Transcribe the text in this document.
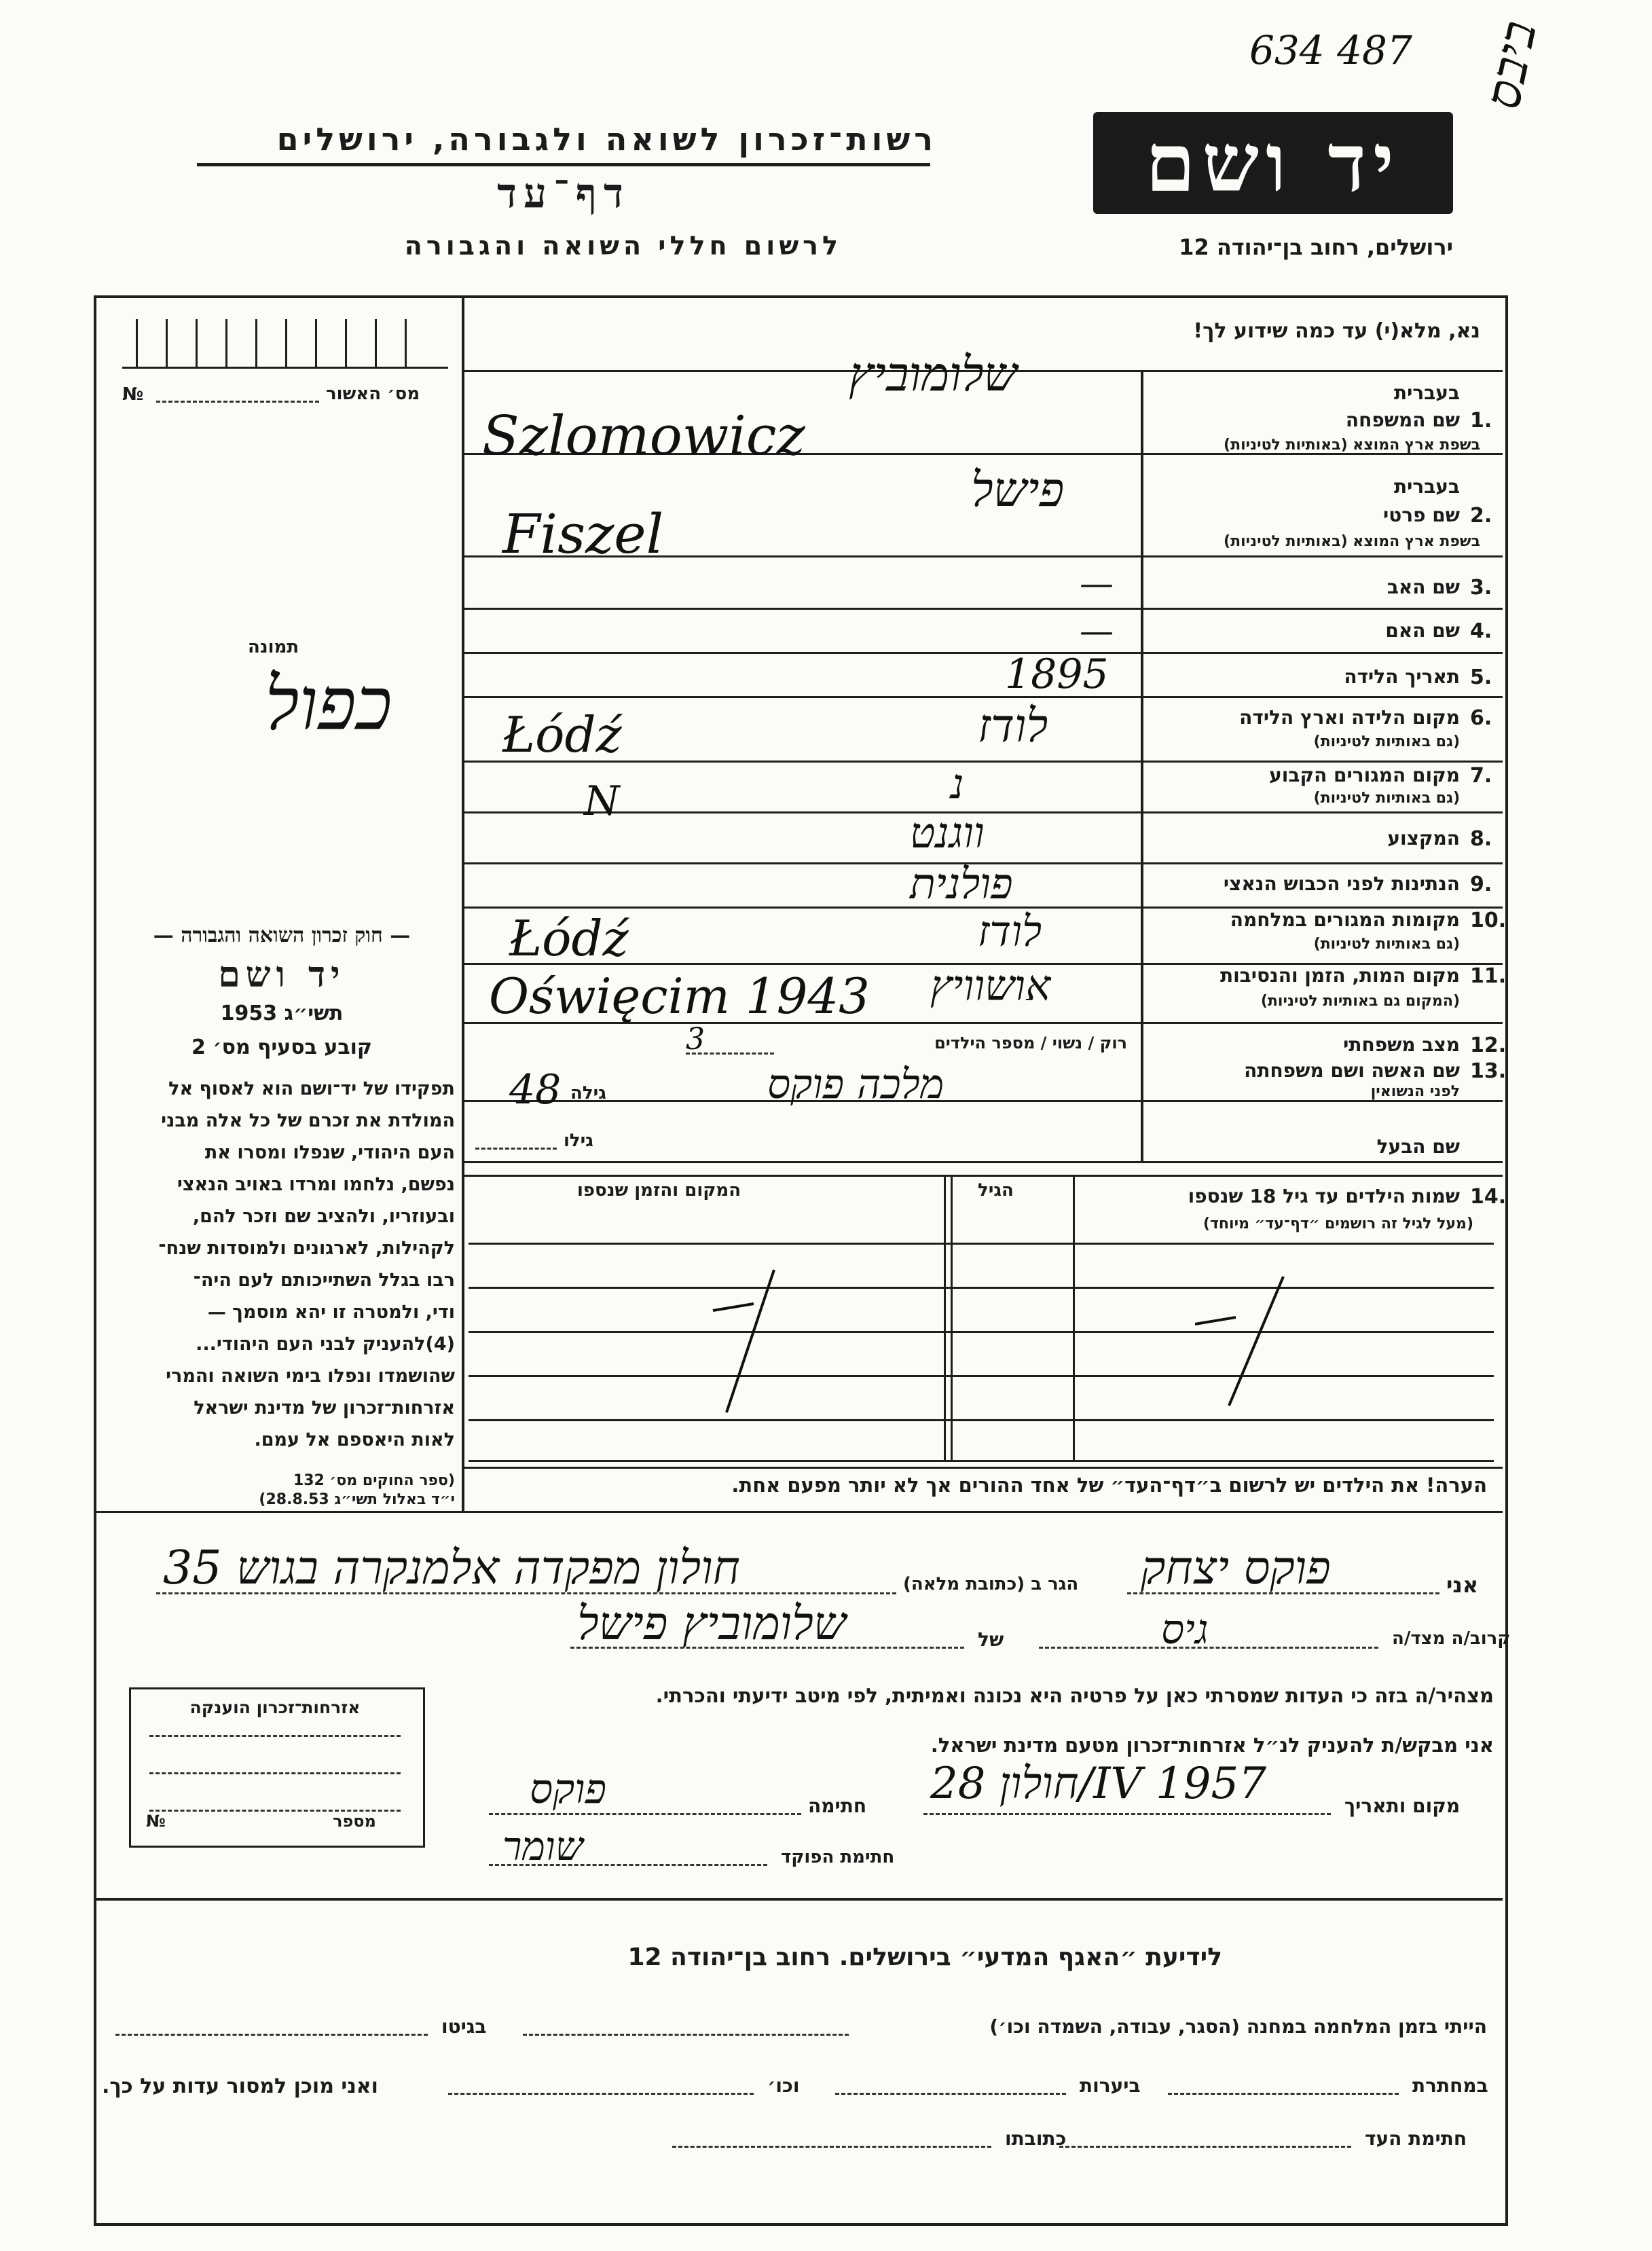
634 487 ביבס
רשות־זכרון לשואה ולגבורה, ירושלים
דף־עד
לרשום חללי השואה והגבורה
יד ושם
ירושלים, רחוב בן־יהודה 12
מס׳ האשור
№
תמונה
כפול
נא, מלא(י) עד כמה שידוע לך!
בעברית
1.
שם המשפחה
בשפת ארץ המוצא (באותיות לטיניות)
שלומוביץ
Szlomowicz
בעברית
2.
שם פרטי
בשפת ארץ המוצא (באותיות לטיניות)
פישל
Fiszel
3.
שם האב
—
4.
שם האם
—
5.
תאריך הלידה
1895
6.
מקום הלידה וארץ הלידה
(גם באותיות לטיניות)
לודז
Łódź
7.
מקום המגורים הקבוע
(גם באותיות לטיניות)
נ
N
8.
המקצוע
ווגנט
9.
הנתינות לפני הכבוש הנאצי
פולנית
10.
מקומות המגורים במלחמה
(גם באותיות לטיניות)
לודז
Łódź
11.
מקום המות, הזמן והנסיבות
(המקום גם באותיות לטיניות)
אושוויץ
Oświęcim 1943
12.
מצב משפחתי
רוק / נשוי / מספר הילדים
3
13.
שם האשה ושם משפחתה
לפני הנשואין
מלכה פוקס
גילה
48
שם הבעל
גילו
14.
שמות הילדים עד גיל 18 שנספו
(מעל לגיל זה רושמים ״דף־עד״ מיוחד)
הגיל
המקום והזמן שנספו
הערה! את הילדים יש לרשום ב״דף־העד״ של אחד ההורים אך לא יותר מפעם אחת.
— חוק זכרון השואה והגבורה —
יד ושם
תשי״ג 1953
קובע בסעיף מס׳ 2
תפקידו של יד־ושם הוא לאסוף אל
המולדת את זכרם של כל אלה מבני
העם היהודי, שנפלו ומסרו את
נפשם, נלחמו ומרדו באויב הנאצי
ובעוזריו, ולהציב שם וזכר להם,
לקהילות, לארגונים ולמוסדות שנח־
רבו בגלל השתייכותם לעם היה־
ודי, ולמטרה זו יהא מוסמך —
(4)להעניק לבני העם היהודי...
שהושמדו ונפלו בימי השואה והמרי
אזרחות־זכרון של מדינת ישראל
לאות היאספם אל עמם.
(ספר החוקים מס׳ 132
י״ד באלול תשי״ג 28.8.53)
אני
פוקס יצחק
הגר ב (כתובת מלאה)
חולון מפקדה אלמנקרה בגוש 35
קרוב/ה מצד/ה
גיס
של
שלומוביץ פישל
מצהיר/ה בזה כי העדות שמסרתי כאן על פרטיה היא נכונה ואמיתית, לפי מיטב ידיעתי והכרתי.
אני מבקש/ת להעניק לנ״ל אזרחות־זכרון מטעם מדינת ישראל.
מקום ותאריך
חולון 28/IV 1957
חתימה
פוקס
חתימת הפוקד
שומר
אזרחות־זכרון הוענקה
מספר
№
לידיעת ״האגף המדעי״ בירושלים. רחוב בן־יהודה 12
הייתי בזמן המלחמה במחנה (הסגר, עבודה, השמדה וכו׳)
בגיטו
במחתרת
ביערות
וכו׳
ואני מוכן למסור עדות על כך.
חתימת העד
כתובתו
